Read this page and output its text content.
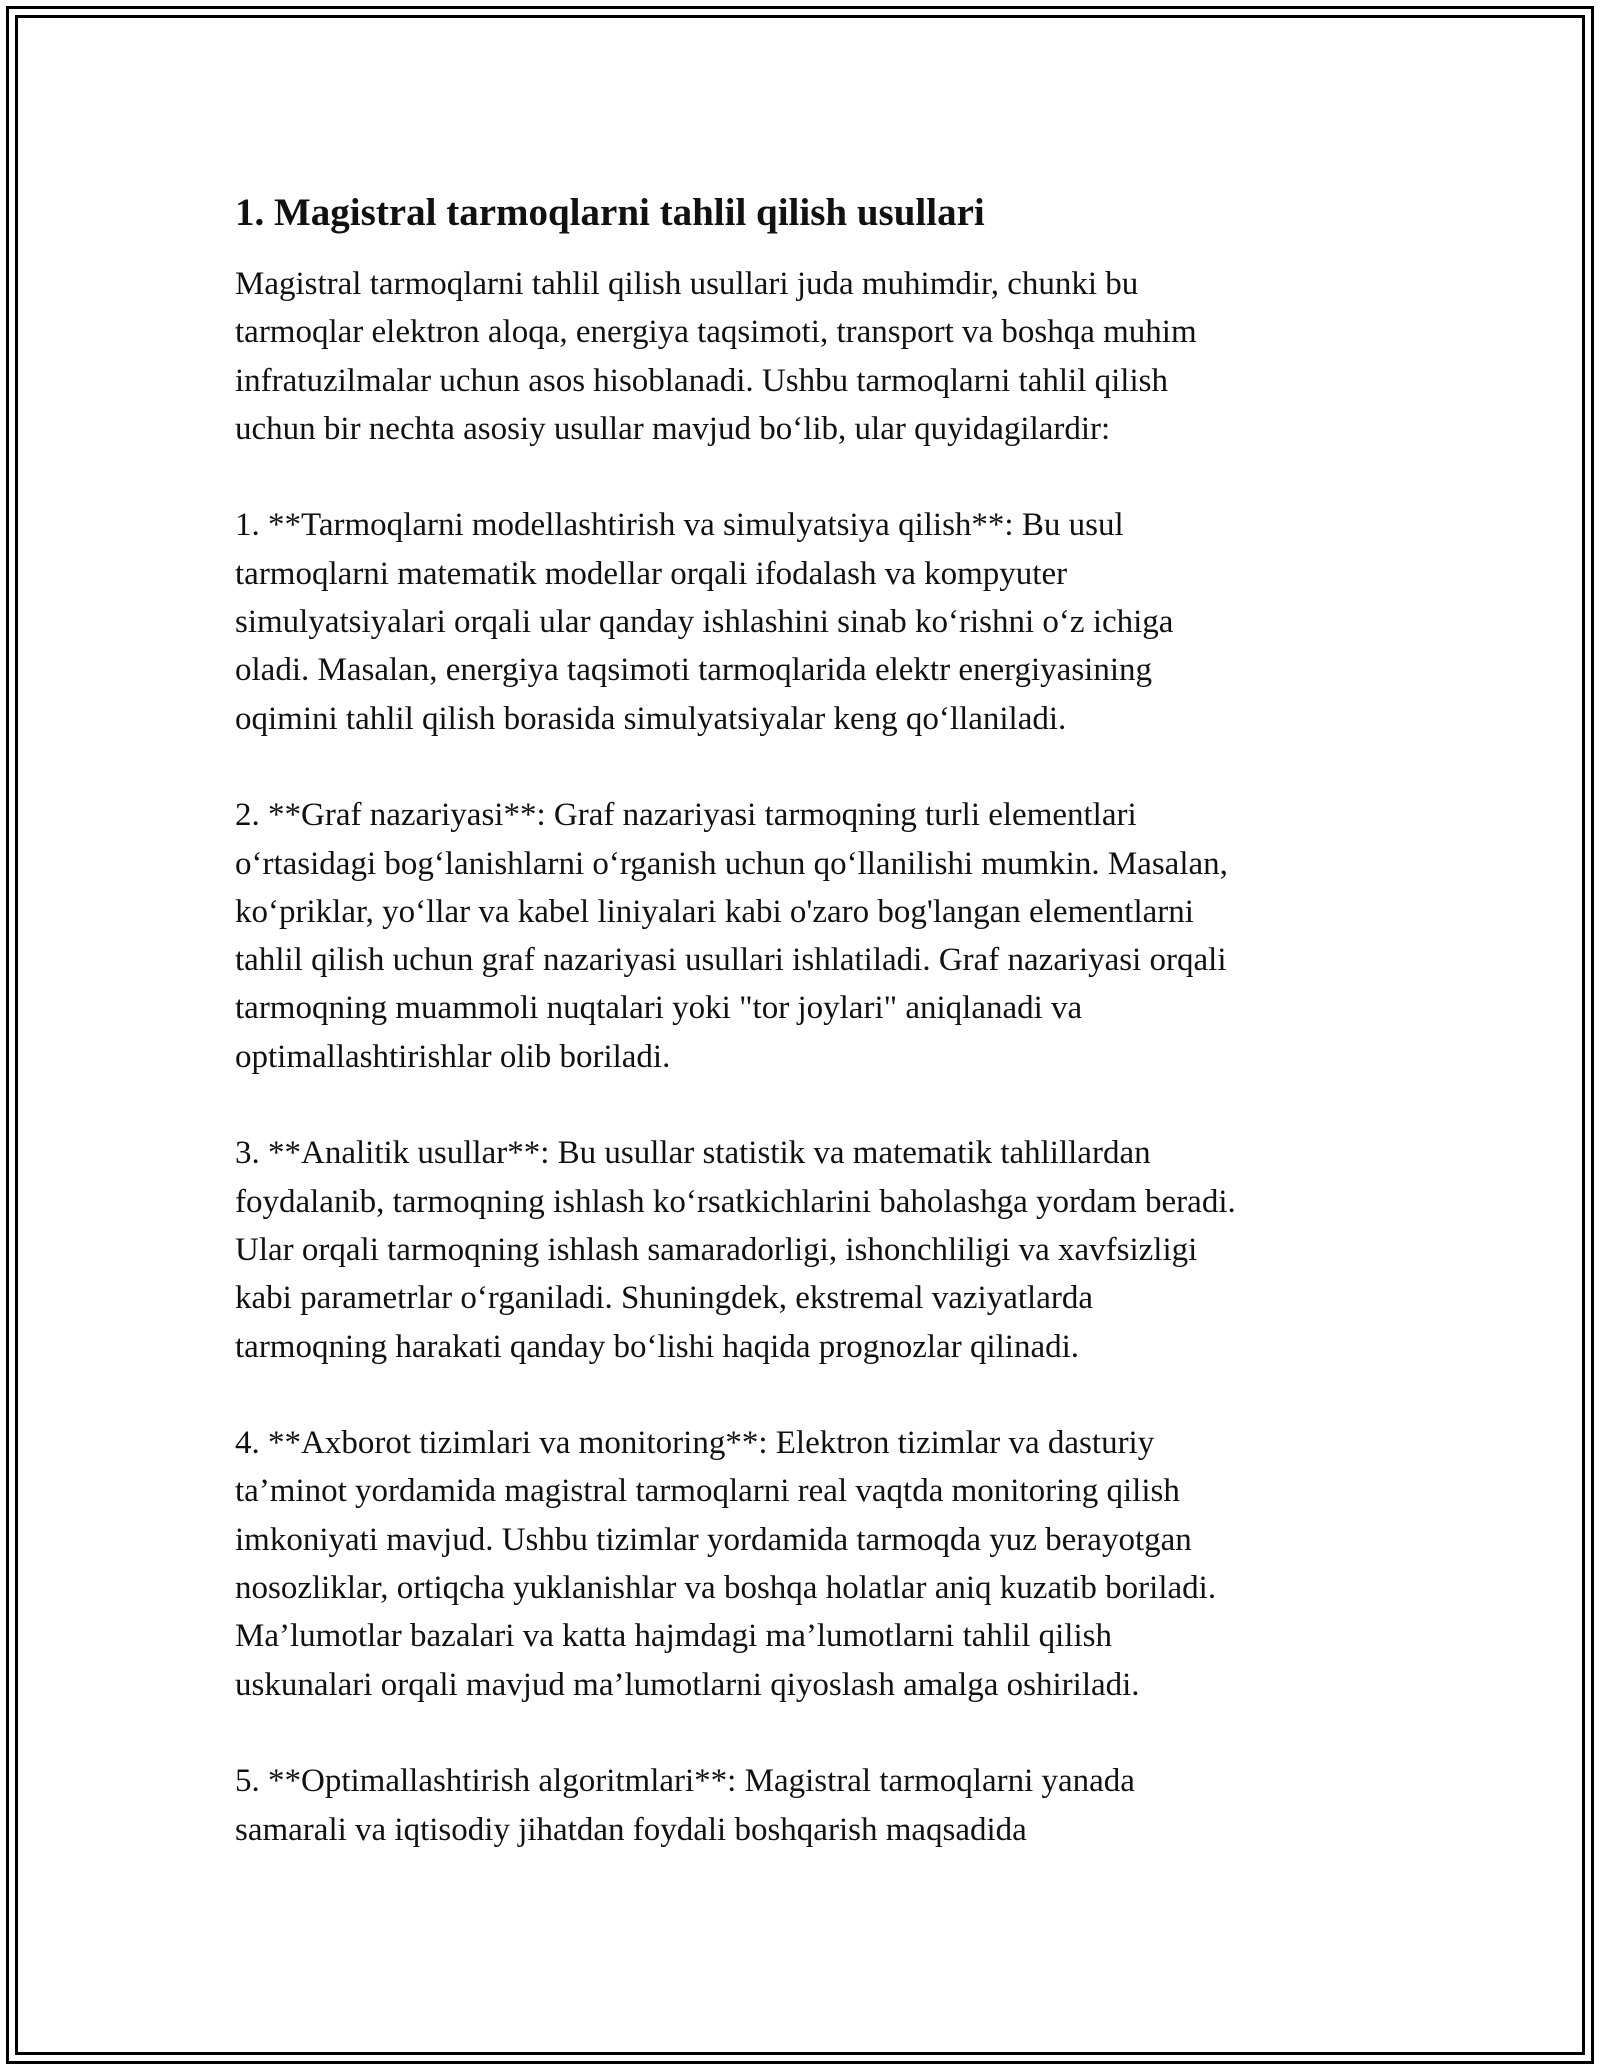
1. Magistral tarmoqlarni tahlil qilish usullari
Magistral tarmoqlarni tahlil qilish usullari juda muhimdir, chunki bu
tarmoqlar elektron aloqa, energiya taqsimoti, transport va boshqa muhim
infratuzilmalar uchun asos hisoblanadi. Ushbu tarmoqlarni tahlil qilish
uchun bir nechta asosiy usullar mavjud bo‘lib, ular quyidagilardir:
1. **Tarmoqlarni modellashtirish va simulyatsiya qilish**: Bu usul
tarmoqlarni matematik modellar orqali ifodalash va kompyuter
simulyatsiyalari orqali ular qanday ishlashini sinab ko‘rishni o‘z ichiga
oladi. Masalan, energiya taqsimoti tarmoqlarida elektr energiyasining
oqimini tahlil qilish borasida simulyatsiyalar keng qo‘llaniladi.
2. **Graf nazariyasi**: Graf nazariyasi tarmoqning turli elementlari
o‘rtasidagi bog‘lanishlarni o‘rganish uchun qo‘llanilishi mumkin. Masalan,
ko‘priklar, yo‘llar va kabel liniyalari kabi o'zaro bog'langan elementlarni
tahlil qilish uchun graf nazariyasi usullari ishlatiladi. Graf nazariyasi orqali
tarmoqning muammoli nuqtalari yoki "tor joylari" aniqlanadi va
optimallashtirishlar olib boriladi.
3. **Analitik usullar**: Bu usullar statistik va matematik tahlillardan
foydalanib, tarmoqning ishlash ko‘rsatkichlarini baholashga yordam beradi.
Ular orqali tarmoqning ishlash samaradorligi, ishonchliligi va xavfsizligi
kabi parametrlar o‘rganiladi. Shuningdek, ekstremal vaziyatlarda
tarmoqning harakati qanday bo‘lishi haqida prognozlar qilinadi.
4. **Axborot tizimlari va monitoring**: Elektron tizimlar va dasturiy
ta’minot yordamida magistral tarmoqlarni real vaqtda monitoring qilish
imkoniyati mavjud. Ushbu tizimlar yordamida tarmoqda yuz berayotgan
nosozliklar, ortiqcha yuklanishlar va boshqa holatlar aniq kuzatib boriladi.
Ma’lumotlar bazalari va katta hajmdagi ma’lumotlarni tahlil qilish
uskunalari orqali mavjud ma’lumotlarni qiyoslash amalga oshiriladi.
5. **Optimallashtirish algoritmlari**: Magistral tarmoqlarni yanada
samarali va iqtisodiy jihatdan foydali boshqarish maqsadida
